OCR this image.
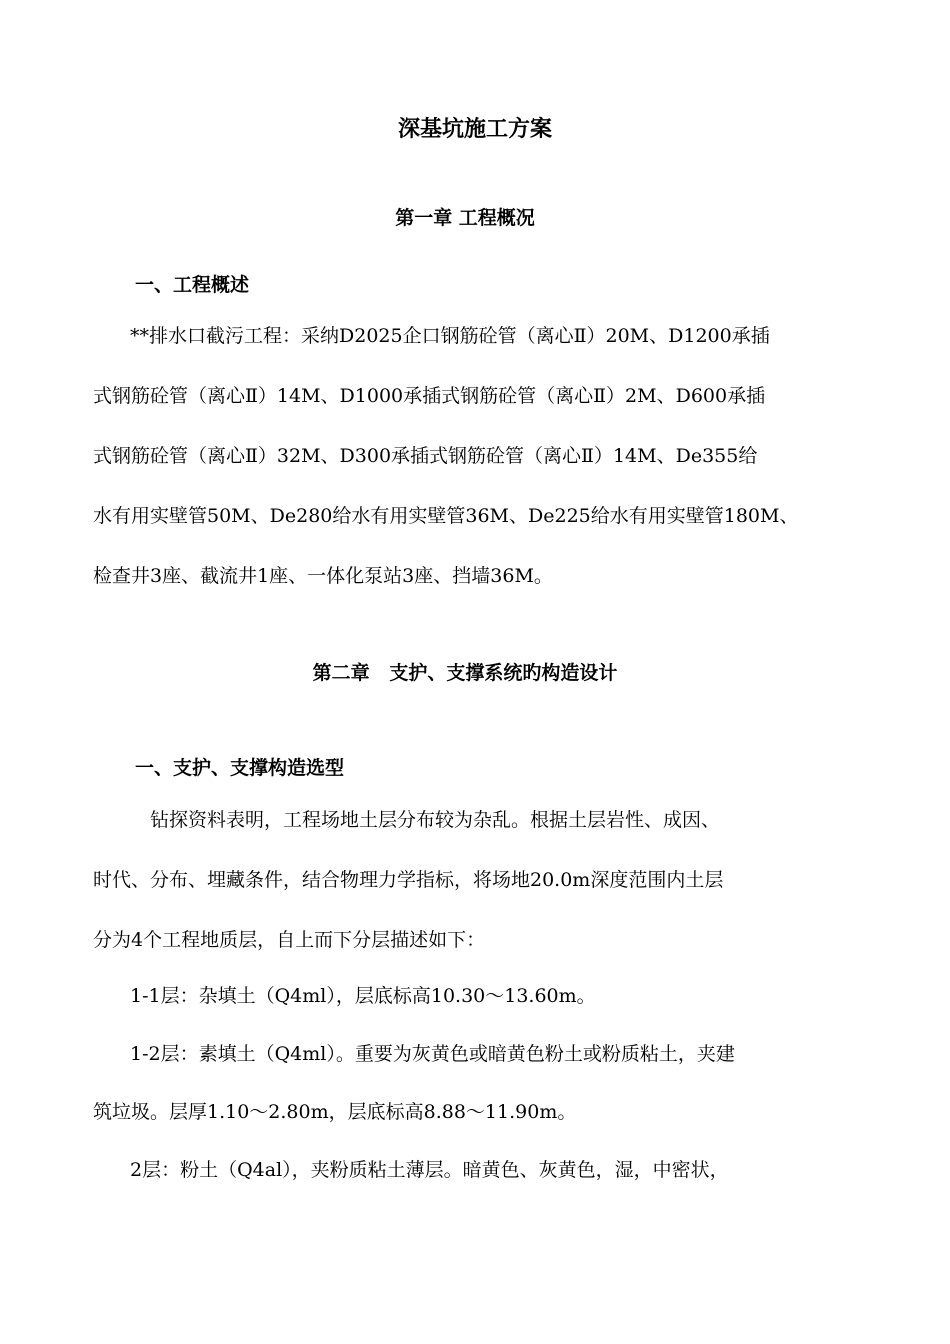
深基坑施工方案
第一章 工程概况
一、工程概述

**排水口截污工程：采纳D2025企口钢筋砼管（离心Ⅱ）20M、D1200承插

式钢筋砼管（离心Ⅱ）14M、D1000承插式钢筋砼管（离心Ⅱ）2M、D600承插

式钢筋砼管（离心Ⅱ）32M、D300承插式钢筋砼管（离心Ⅱ）14M、De355给

水有用实壁管50M、De280给水有用实壁管36M、De225给水有用实壁管180M、

检查井3座、截流井1座、一体化泵站3座、挡墙36M。

第二章   支护、支撑系统旳构造设计
一、支护、支撑构造选型

钻探资料表明，工程场地土层分布较为杂乱。根据土层岩性、成因、

时代、分布、埋藏条件，结合物理力学指标，将场地20.0m深度范围内土层

分为4个工程地质层，自上而下分层描述如下：

1-1层：杂填土（Q4ml），层底标高10.30～13.60m。

1-2层：素填土（Q4ml）。重要为灰黄色或暗黄色粉土或粉质粘土，夹建

筑垃圾。层厚1.10～2.80m，层底标高8.88～11.90m。

2层：粉土（Q4al），夹粉质粘土薄层。暗黄色、灰黄色，湿，中密状，
